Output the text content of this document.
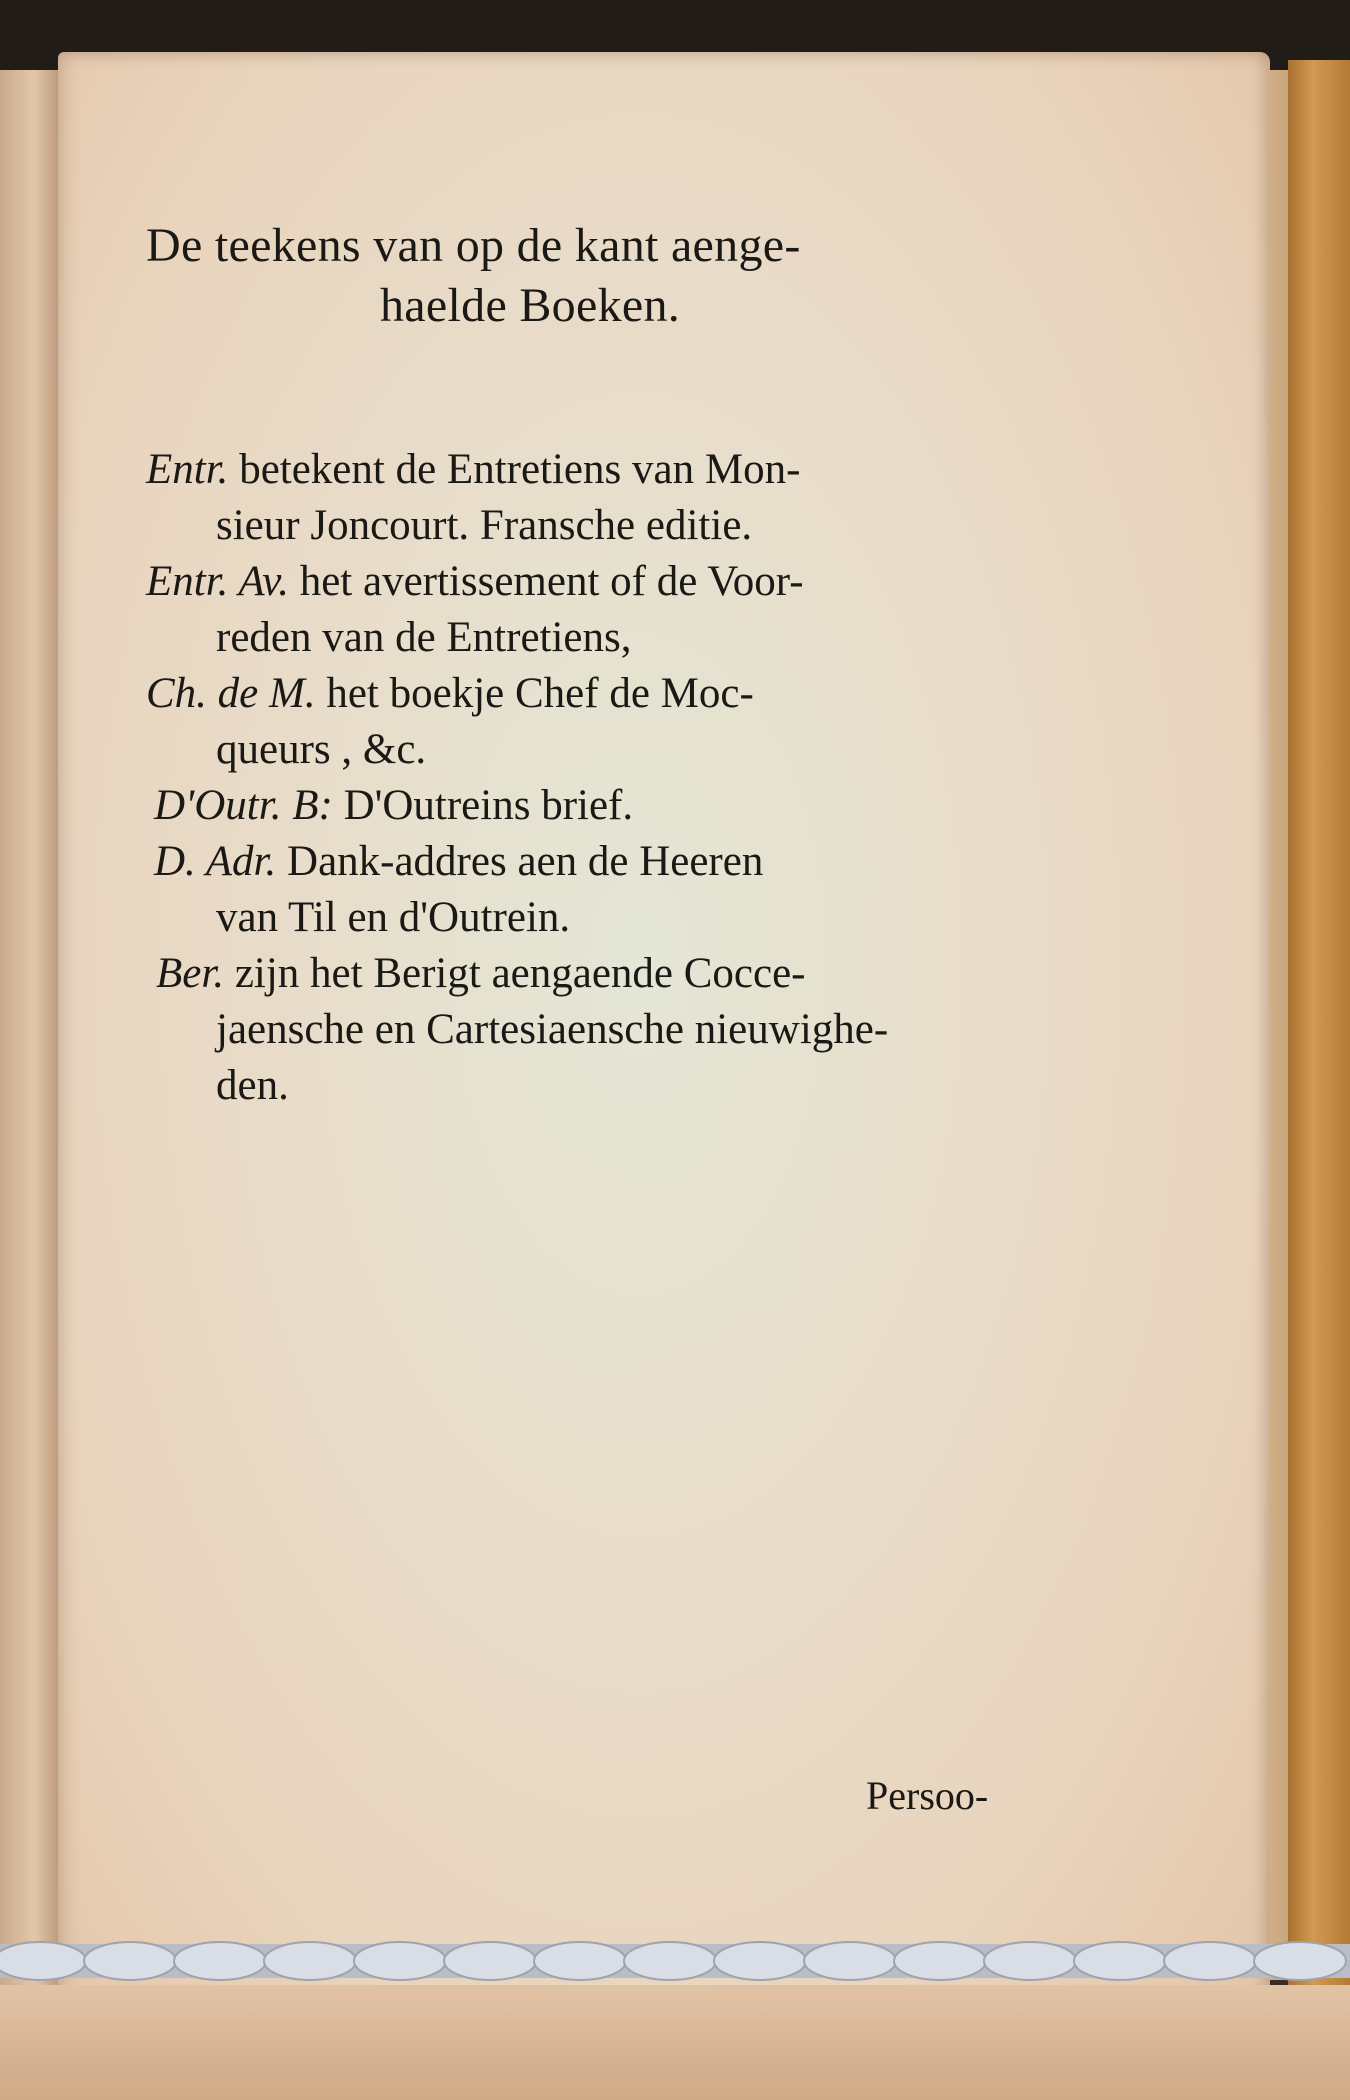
De teekens van op de kant aenge-
haelde Boeken.
Entr. betekent de Entretiens van Mon-
sieur Joncourt. Fransche editie.
Entr. Av. het avertissement of de Voor-
reden van de Entretiens,
Ch. de M. het boekje Chef de Moc-
queurs , &c.
D'Outr. B: D'Outreins brief.
D. Adr. Dank-addres aen de Heeren
van Til en d'Outrein.
Ber. zijn het Berigt aengaende Cocce-
jaensche en Cartesiaensche nieuwighe-
den.
Persoo-
